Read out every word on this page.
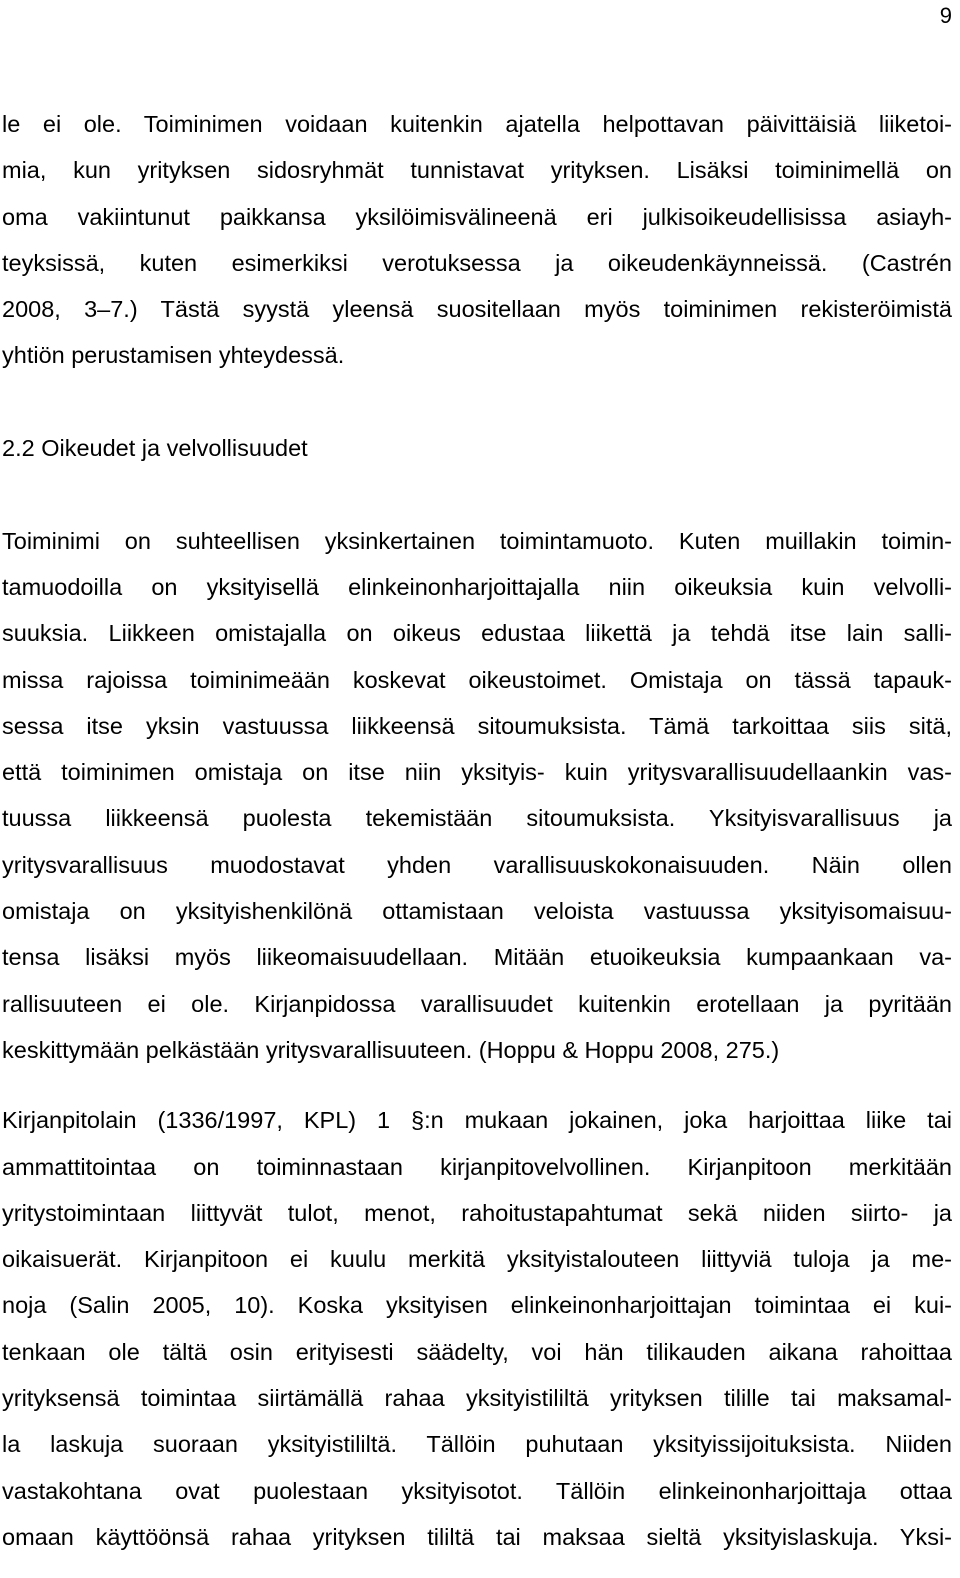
9
le ei ole. Toiminimen voidaan kuitenkin ajatella helpottavan päivittäisiä liiketoi-
mia, kun yrityksen sidosryhmät tunnistavat yrityksen. Lisäksi toiminimellä on
oma vakiintunut paikkansa yksilöimisvälineenä eri julkisoikeudellisissa asiayh-
teyksissä, kuten esimerkiksi verotuksessa ja oikeudenkäynneissä. (Castrén
2008, 3–7.) Tästä syystä yleensä suositellaan myös toiminimen rekisteröimistä
yhtiön perustamisen yhteydessä.
2.2 Oikeudet ja velvollisuudet
Toiminimi on suhteellisen yksinkertainen toimintamuoto. Kuten muillakin toimin-
tamuodoilla on yksityisellä elinkeinonharjoittajalla niin oikeuksia kuin velvolli-
suuksia. Liikkeen omistajalla on oikeus edustaa liikettä ja tehdä itse lain salli-
missa rajoissa toiminimeään koskevat oikeustoimet. Omistaja on tässä tapauk-
sessa itse yksin vastuussa liikkeensä sitoumuksista. Tämä tarkoittaa siis sitä,
että toiminimen omistaja on itse niin yksityis- kuin yritysvarallisuudellaankin vas-
tuussa liikkeensä puolesta tekemistään sitoumuksista. Yksityisvarallisuus ja
yritysvarallisuus muodostavat yhden varallisuuskokonaisuuden. Näin ollen
omistaja on yksityishenkilönä ottamistaan veloista vastuussa yksityisomaisuu-
tensa lisäksi myös liikeomaisuudellaan. Mitään etuoikeuksia kumpaankaan va-
rallisuuteen ei ole. Kirjanpidossa varallisuudet kuitenkin erotellaan ja pyritään
keskittymään pelkästään yritysvarallisuuteen. (Hoppu & Hoppu 2008, 275.)
Kirjanpitolain (1336/1997, KPL) 1 §:n mukaan jokainen, joka harjoittaa liike tai
ammattitointaa on toiminnastaan kirjanpitovelvollinen. Kirjanpitoon merkitään
yritystoimintaan liittyvät tulot, menot, rahoitustapahtumat sekä niiden siirto- ja
oikaisuerät. Kirjanpitoon ei kuulu merkitä yksityistalouteen liittyviä tuloja ja me-
noja (Salin 2005, 10). Koska yksityisen elinkeinonharjoittajan toimintaa ei kui-
tenkaan ole tältä osin erityisesti säädelty, voi hän tilikauden aikana rahoittaa
yrityksensä toimintaa siirtämällä rahaa yksityistililtä yrityksen tilille tai maksamal-
la laskuja suoraan yksityistililtä. Tällöin puhutaan yksityissijoituksista. Niiden
vastakohtana ovat puolestaan yksityisotot. Tällöin elinkeinonharjoittaja ottaa
omaan käyttöönsä rahaa yrityksen tililtä tai maksaa sieltä yksityislaskuja. Yksi-
